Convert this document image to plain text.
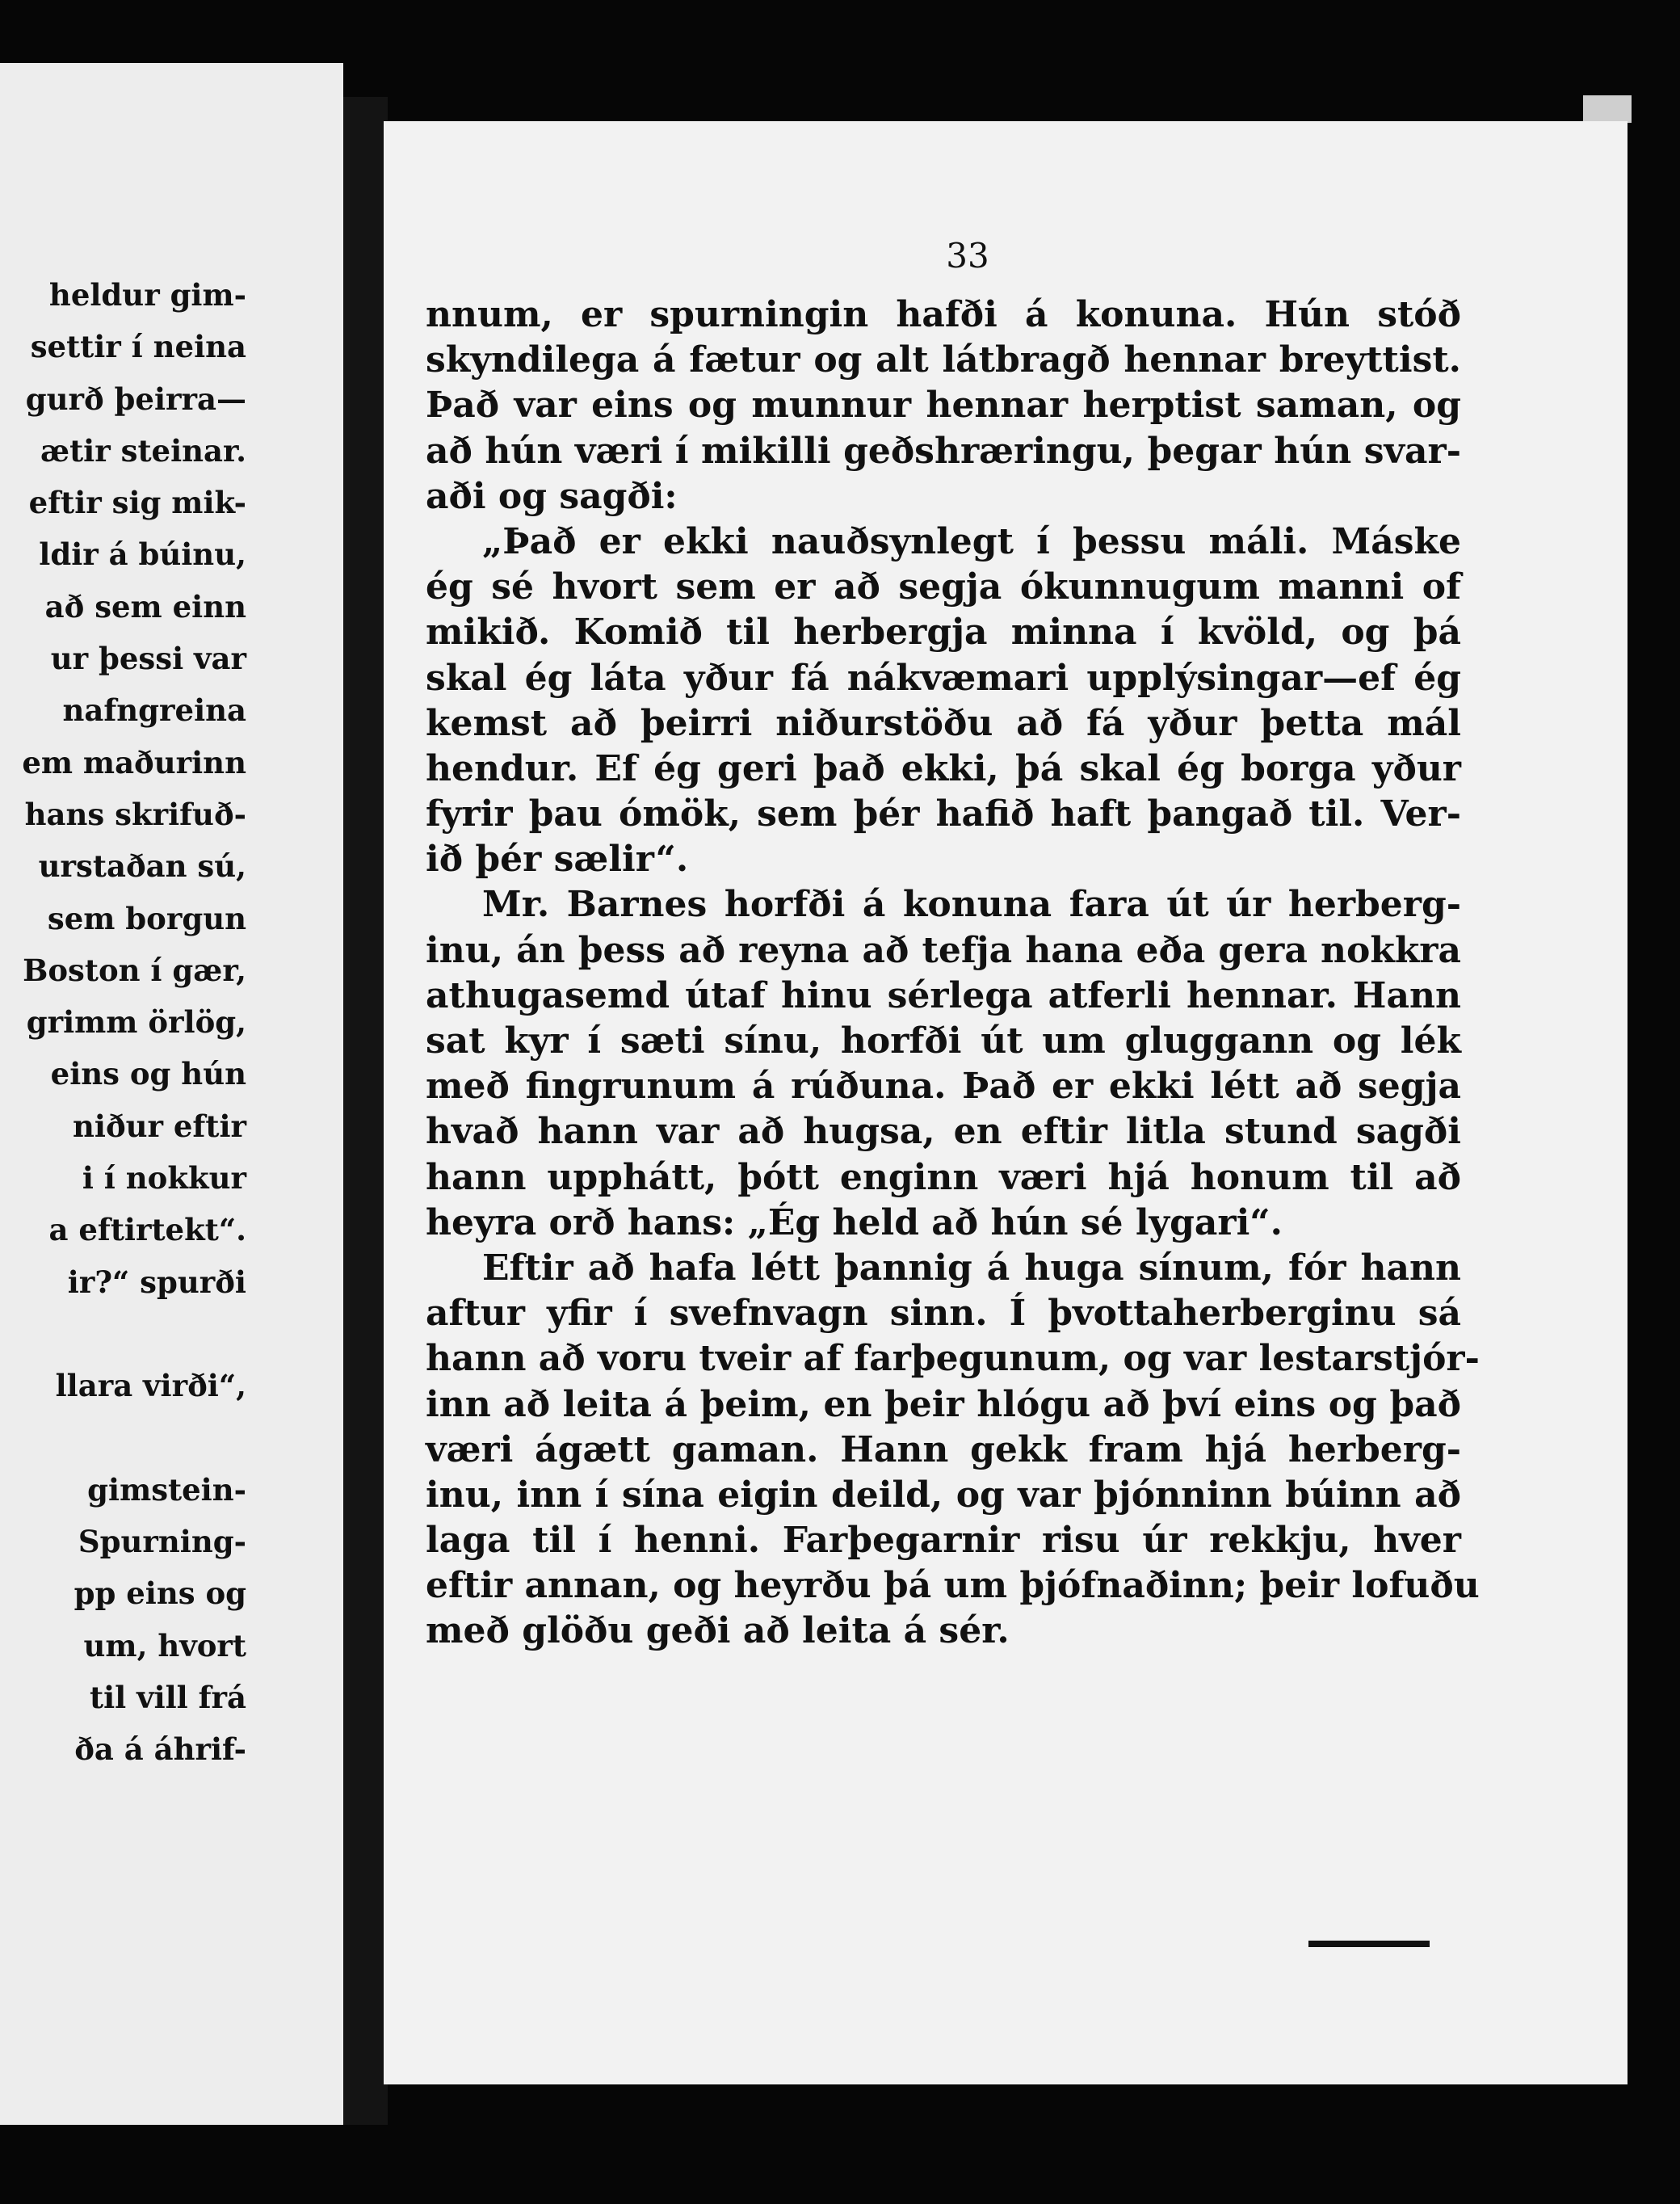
heldur gim-
settir í neina
gurð þeirra—
ætir steinar.
eftir sig mik-
ldir á búinu,
að sem einn
ur þessi var
nafngreina
em maðurinn
hans skrifuð-
urstaðan sú,
sem borgun
Boston í gær,
grimm örlög,
eins og hún
niður eftir
i í nokkur
a eftirtekt“.
ir?“ spurði
llara virði“,
gimstein-
Spurning-
pp eins og
um, hvort
til vill frá
ða á áhrif-
33
nnum, er spurningin hafði á konuna. Hún stóð
skyndilega á fætur og alt látbragð hennar breyttist.
Það var eins og munnur hennar herptist saman, og
að hún væri í mikilli geðshræringu, þegar hún svar-
aði og sagði:
„Það er ekki nauðsynlegt í þessu máli. Máske
ég sé hvort sem er að segja ókunnugum manni of
mikið. Komið til herbergja minna í kvöld, og þá
skal ég láta yður fá nákvæmari upplýsingar—ef ég
kemst að þeirri niðurstöðu að fá yður þetta mál
hendur. Ef ég geri það ekki, þá skal ég borga yður
fyrir þau ómök, sem þér hafið haft þangað til. Ver-
ið þér sælir“.
Mr. Barnes horfði á konuna fara út úr herberg-
inu, án þess að reyna að tefja hana eða gera nokkra
athugasemd útaf hinu sérlega atferli hennar. Hann
sat kyr í sæti sínu, horfði út um gluggann og lék
með fingrunum á rúðuna. Það er ekki létt að segja
hvað hann var að hugsa, en eftir litla stund sagði
hann upphátt, þótt enginn væri hjá honum til að
heyra orð hans: „Ég held að hún sé lygari“.
Eftir að hafa létt þannig á huga sínum, fór hann
aftur yfir í svefnvagn sinn. Í þvottaherberginu sá
hann að voru tveir af farþegunum, og var lestarstjór-
inn að leita á þeim, en þeir hlógu að því eins og það
væri ágætt gaman. Hann gekk fram hjá herberg-
inu, inn í sína eigin deild, og var þjónninn búinn að
laga til í henni. Farþegarnir risu úr rekkju, hver
eftir annan, og heyrðu þá um þjófnaðinn; þeir lofuðu
með glöðu geði að leita á sér.
